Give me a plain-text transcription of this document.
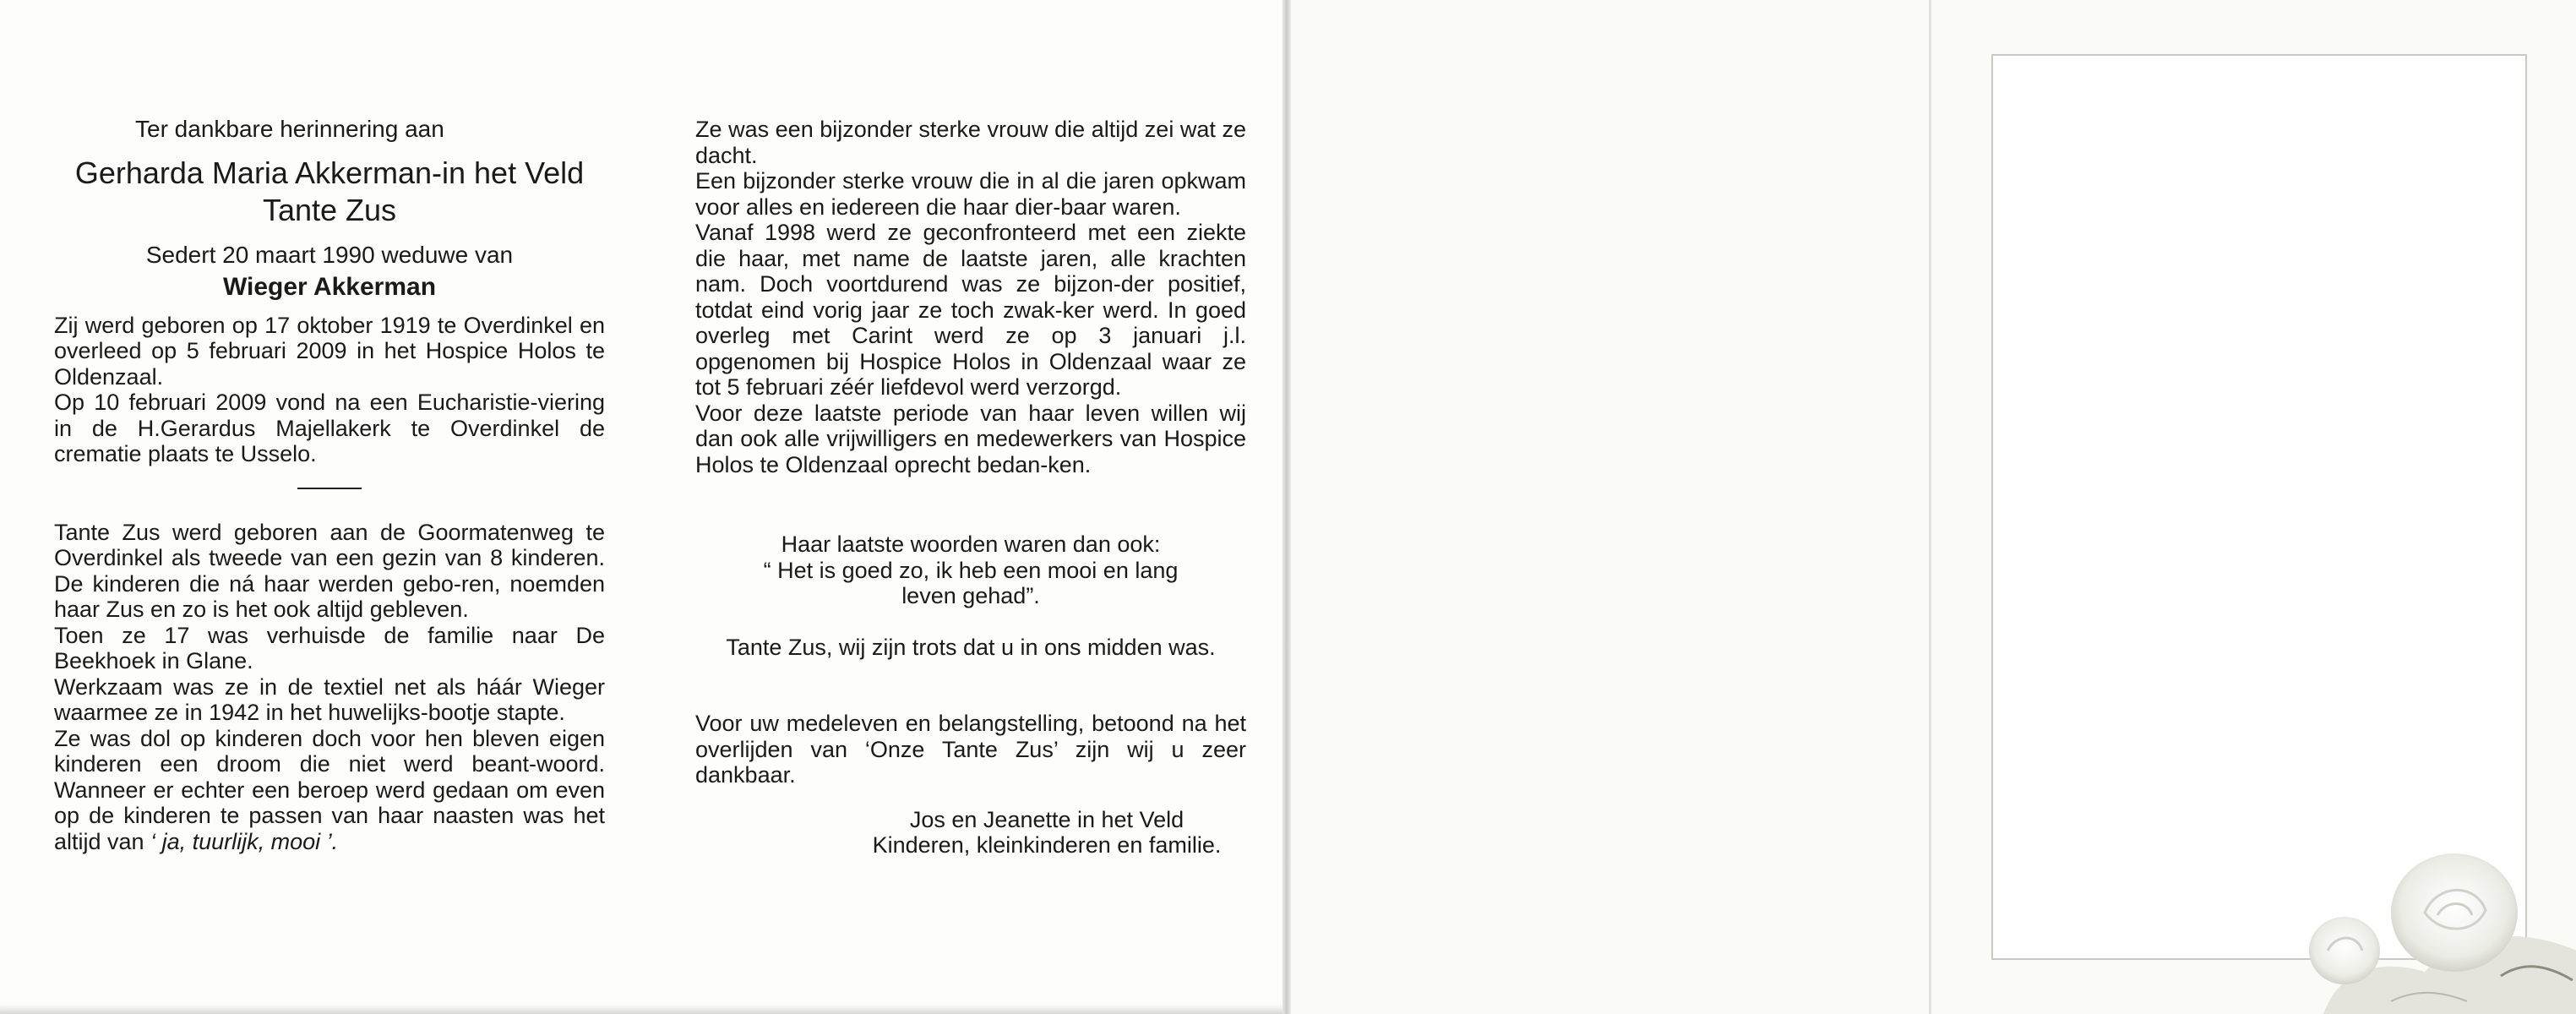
Ter dankbare herinnering aan

Gerharda Maria Akkerman-in het Veld

Tante Zus

Sedert 20 maart 1990 weduwe van

Wieger Akkerman

Zij werd geboren op 17 oktober 1919 te Overdinkel en overleed op 5 februari 2009 in het Hospice Holos te Oldenzaal.

Op 10 februari 2009 vond na een Eucharistie-viering in de H.Gerardus Majellakerk te Overdinkel de crematie plaats te Usselo.

Tante Zus werd geboren aan de Goormatenweg te Overdinkel als tweede van een gezin van 8 kinderen. De kinderen die ná haar werden gebo-ren, noemden haar Zus en zo is het ook altijd gebleven.

Toen ze 17 was verhuisde de familie naar De Beekhoek in Glane.

Werkzaam was ze in de textiel net als háár Wieger waarmee ze in 1942 in het huwelijks-bootje stapte.

Ze was dol op kinderen doch voor hen bleven eigen kinderen een droom die niet werd beant-woord. Wanneer er echter een beroep werd gedaan om even op de kinderen te passen van haar naasten was het altijd van ‘ ja, tuurlijk, mooi ’.

Ze was een bijzonder sterke vrouw die altijd zei wat ze dacht.

Een bijzonder sterke vrouw die in al die jaren opkwam voor alles en iedereen die haar dier-baar waren.

Vanaf 1998 werd ze geconfronteerd met een ziekte die haar, met name de laatste jaren, alle krachten nam. Doch voortdurend was ze bijzon-der positief, totdat eind vorig jaar ze toch zwak-ker werd. In goed overleg met Carint werd ze op 3 januari j.l. opgenomen bij Hospice Holos in Oldenzaal waar ze tot 5 februari zéér liefdevol werd verzorgd.

Voor deze laatste periode van haar leven willen wij dan ook alle vrijwilligers en medewerkers van Hospice Holos te Oldenzaal oprecht bedan-ken.

Haar laatste woorden waren dan ook:

“ Het is goed zo, ik heb een mooi en lang

leven gehad”.

Tante Zus, wij zijn trots dat u in ons midden was.

Voor uw medeleven en belangstelling, betoond na het overlijden van ‘Onze Tante Zus’ zijn wij u zeer dankbaar.

Jos en Jeanette in het Veld

Kinderen, kleinkinderen en familie.
